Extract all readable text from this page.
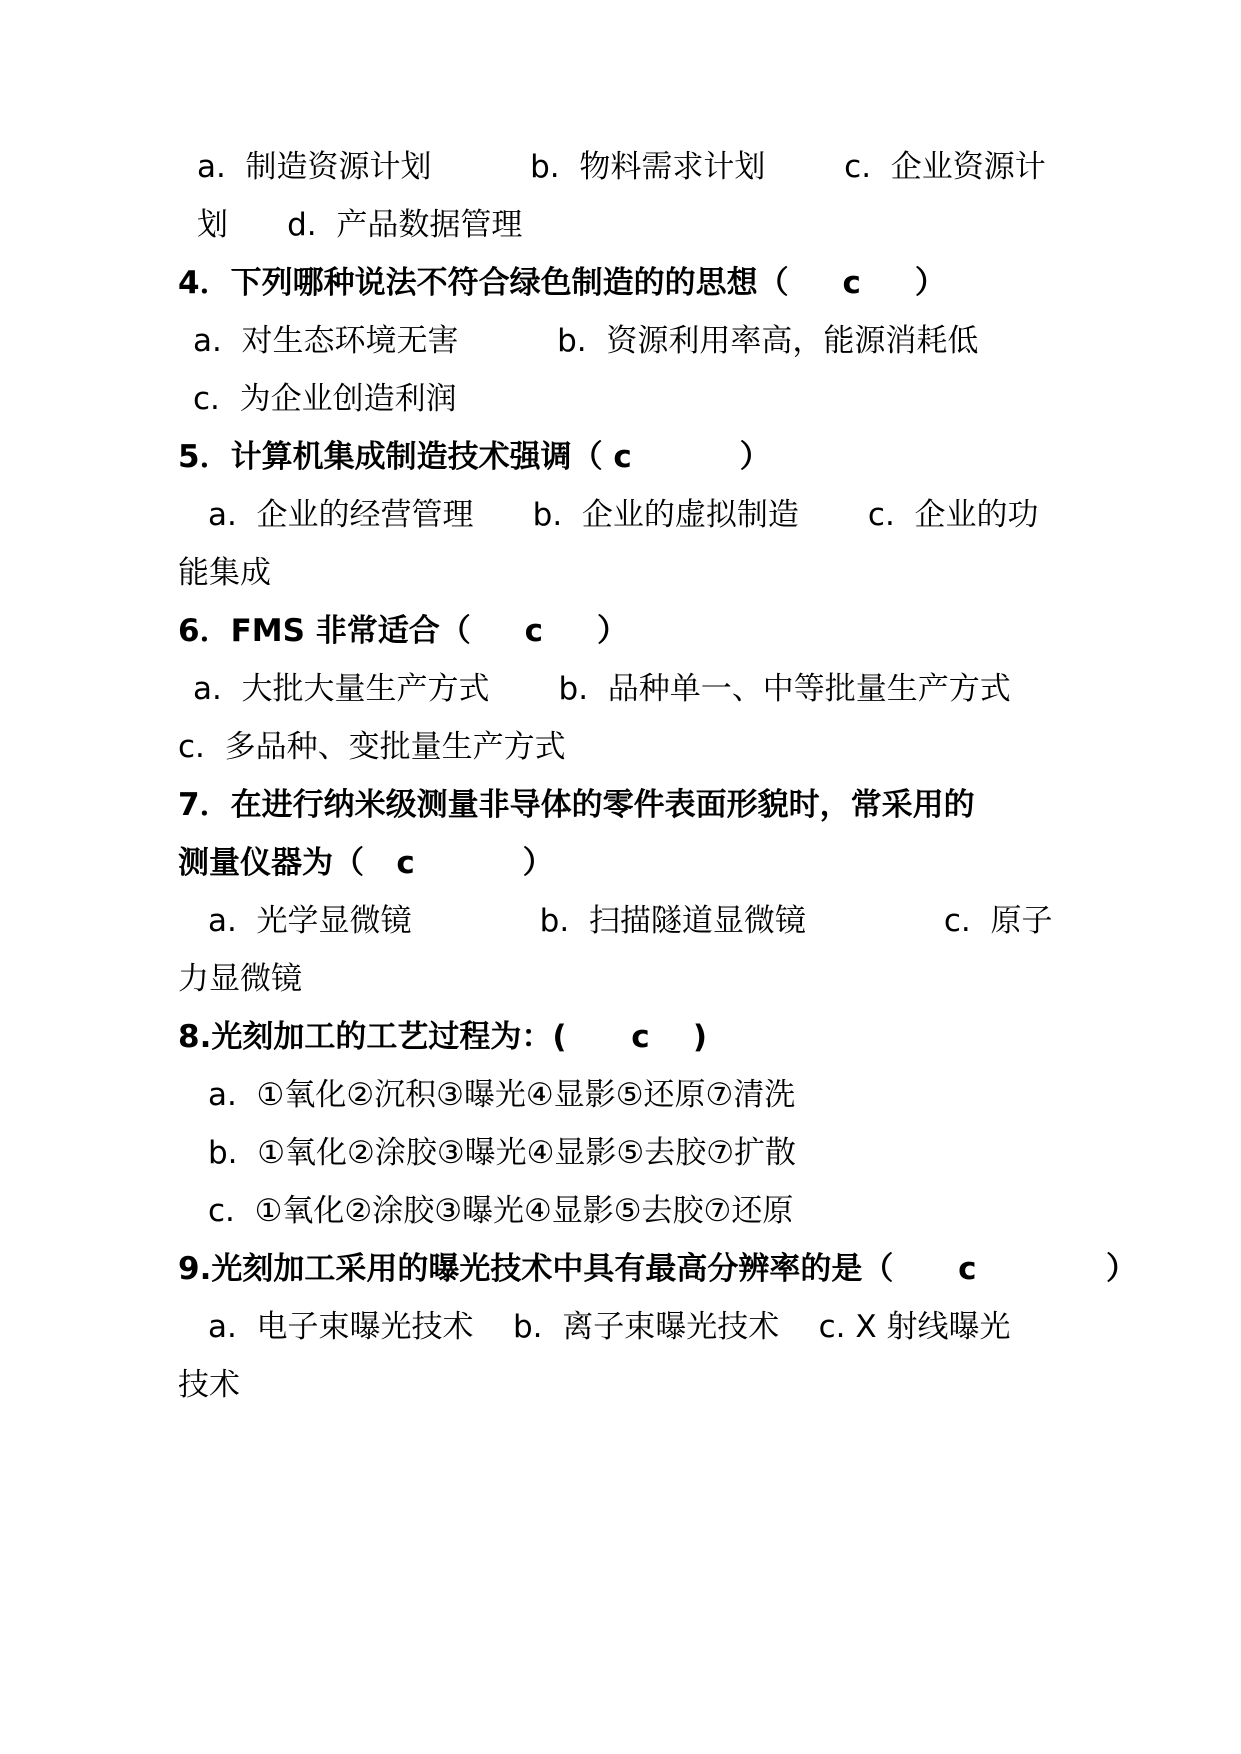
a.  制造资源计划          b.  物料需求计划        c.  企业资源计
划      d.  产品数据管理
4．下列哪种说法不符合绿色制造的的思想（     c     ）
a.  对生态环境无害          b.  资源利用率高，能源消耗低
c.  为企业创造利润
5．计算机集成制造技术强调（ c          ）
a.  企业的经营管理      b.  企业的虚拟制造       c.  企业的功
能集成
6．FMS 非常适合（     c     ）
a.  大批大量生产方式       b.  品种单一、中等批量生产方式
c.  多品种、变批量生产方式
7．在进行纳米级测量非导体的零件表面形貌时，常采用的
测量仪器为（   c          ）
a.  光学显微镜             b.  扫描隧道显微镜              c.  原子
力显微镜
8.光刻加工的工艺过程为：(      c    )
a.  ①氧化②沉积③曝光④显影⑤还原⑦清洗
b.  ①氧化②涂胶③曝光④显影⑤去胶⑦扩散
c.  ①氧化②涂胶③曝光④显影⑤去胶⑦还原
9.光刻加工采用的曝光技术中具有最高分辨率的是（      c            ）
a.  电子束曝光技术    b.  离子束曝光技术    c. X 射线曝光
技术
